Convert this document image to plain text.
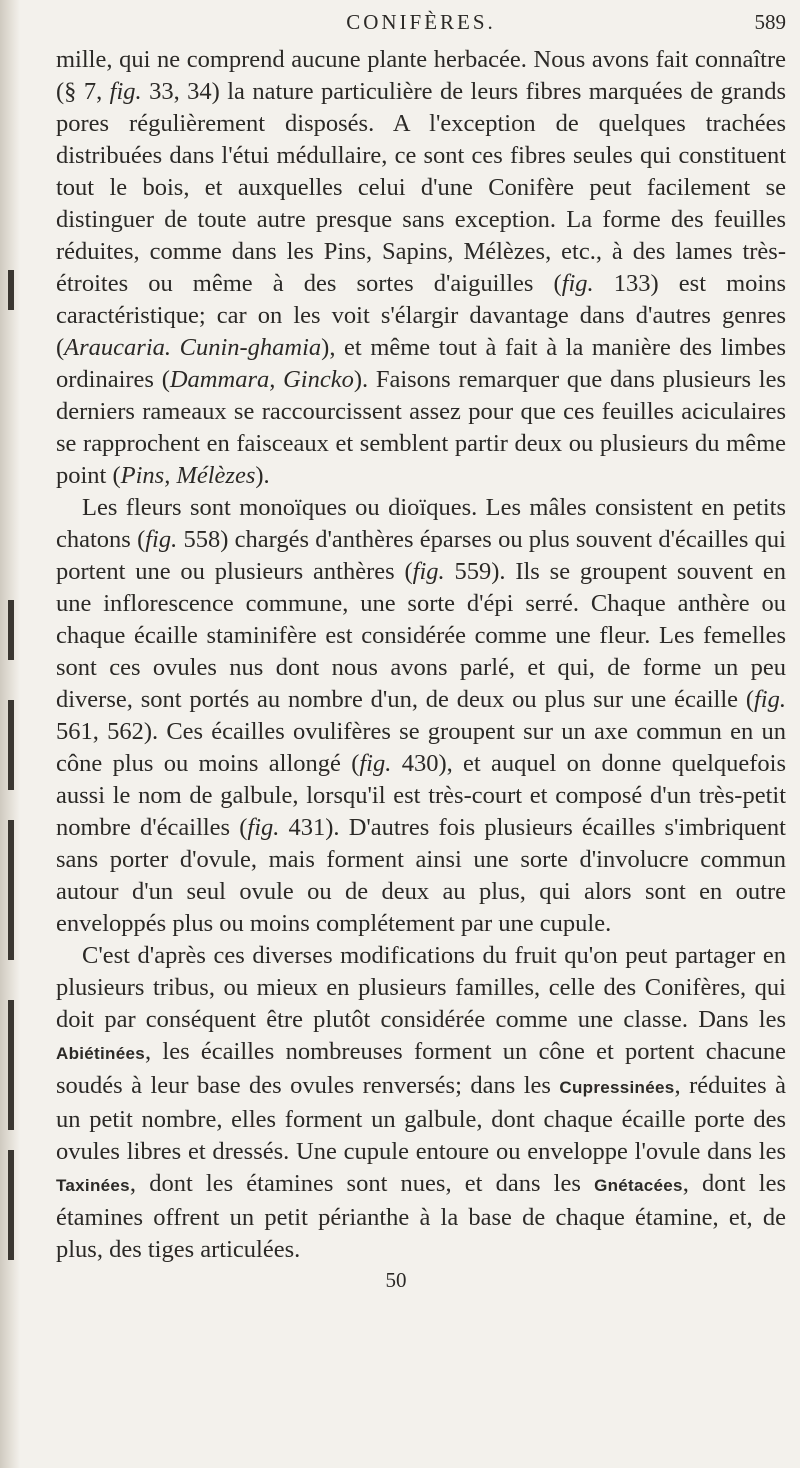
CONIFÈRES.	589

mille, qui ne comprend aucune plante herbacée. Nous avons fait connaître (§ 7, fig. 33, 34) la nature particulière de leurs fibres marquées de grands pores régulièrement disposés. A l'exception de quelques trachées distribuées dans l'étui médullaire, ce sont ces fibres seules qui constituent tout le bois, et auxquelles celui d'une Conifère peut facilement se distinguer de toute autre presque sans exception. La forme des feuilles réduites, comme dans les Pins, Sapins, Mélèzes, etc., à des lames très-étroites ou même à des sortes d'aiguilles (fig. 133) est moins caractéristique; car on les voit s'élargir davantage dans d'autres genres (Araucaria. Cunin-ghamia), et même tout à fait à la manière des limbes ordinaires (Dammara, Gincko). Faisons remarquer que dans plusieurs les derniers rameaux se raccourcissent assez pour que ces feuilles aciculaires se rapprochent en faisceaux et semblent partir deux ou plusieurs du même point (Pins, Mélèzes).

Les fleurs sont monoïques ou dioïques. Les mâles consistent en petits chatons (fig. 558) chargés d'anthères éparses ou plus souvent d'écailles qui portent une ou plusieurs anthères (fig. 559). Ils se groupent souvent en une inflorescence commune, une sorte d'épi serré. Chaque anthère ou chaque écaille staminifère est considérée comme une fleur. Les femelles sont ces ovules nus dont nous avons parlé, et qui, de forme un peu diverse, sont portés au nombre d'un, de deux ou plus sur une écaille (fig. 561, 562). Ces écailles ovulifères se groupent sur un axe commun en un cône plus ou moins allongé (fig. 430), et auquel on donne quelquefois aussi le nom de galbule, lorsqu'il est très-court et composé d'un très-petit nombre d'écailles (fig. 431). D'autres fois plusieurs écailles s'imbriquent sans porter d'ovule, mais forment ainsi une sorte d'involucre commun autour d'un seul ovule ou de deux au plus, qui alors sont en outre enveloppés plus ou moins complétement par une cupule.

C'est d'après ces diverses modifications du fruit qu'on peut partager en plusieurs tribus, ou mieux en plusieurs familles, celle des Conifères, qui doit par conséquent être plutôt considérée comme une classe. Dans les Abiétinées, les écailles nombreuses forment un cône et portent chacune soudés à leur base des ovules renversés; dans les Cupressinées, réduites à un petit nombre, elles forment un galbule, dont chaque écaille porte des ovules libres et dressés. Une cupule entoure ou enveloppe l'ovule dans les Taxinées, dont les étamines sont nues, et dans les Gnétacées, dont les étamines offrent un petit périanthe à la base de chaque étamine, et, de plus, des tiges articulées.

50
